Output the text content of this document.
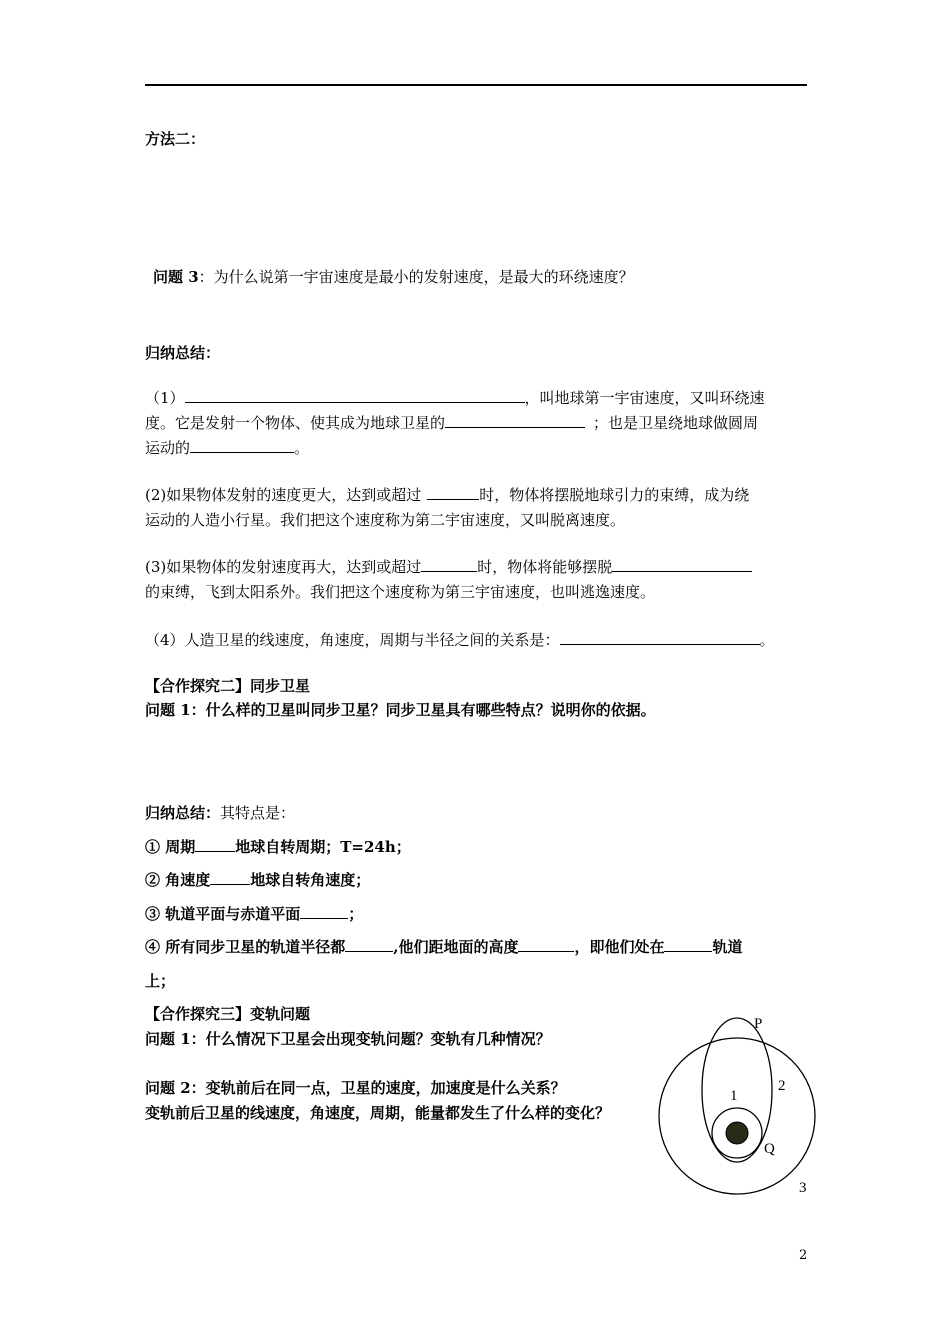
方法二：
问题 3：为什么说第一宇宙速度是最小的发射速度，是最大的环绕速度？
归纳总结：
（1）	，叫地球第一宇宙速度，又叫环绕速
度。它是发射一个物体、使其成为地球卫星的	；也是卫星绕地球做圆周
运动的	。
(2)如果物体发射的速度更大，达到或超过	时，物体将摆脱地球引力的束缚，成为绕
运动的人造小行星。我们把这个速度称为第二宇宙速度，又叫脱离速度。
(3)如果物体的发射速度再大，达到或超过	时，物体将能够摆脱
的束缚，飞到太阳系外。我们把这个速度称为第三宇宙速度，也叫逃逸速度。
（4）人造卫星的线速度，角速度，周期与半径之间的关系是：	。
【合作探究二】同步卫星
问题 1：什么样的卫星叫同步卫星？同步卫星具有哪些特点？说明你的依据。
归纳总结：其特点是：
① 周期	地球自转周期；T=24h；
② 角速度	地球自转角速度；
③ 轨道平面与赤道平面	；
④ 所有同步卫星的轨道半径都	,他们距地面的高度	，即他们处在	轨道
上；
【合作探究三】变轨问题
问题 1：什么情况下卫星会出现变轨问题？变轨有几种情况？
问题 2：变轨前后在同一点，卫星的速度，加速度是什么关系？
变轨前后卫星的线速度，角速度，周期，能量都发生了什么样的变化？
P
1
2
Q
3
2
